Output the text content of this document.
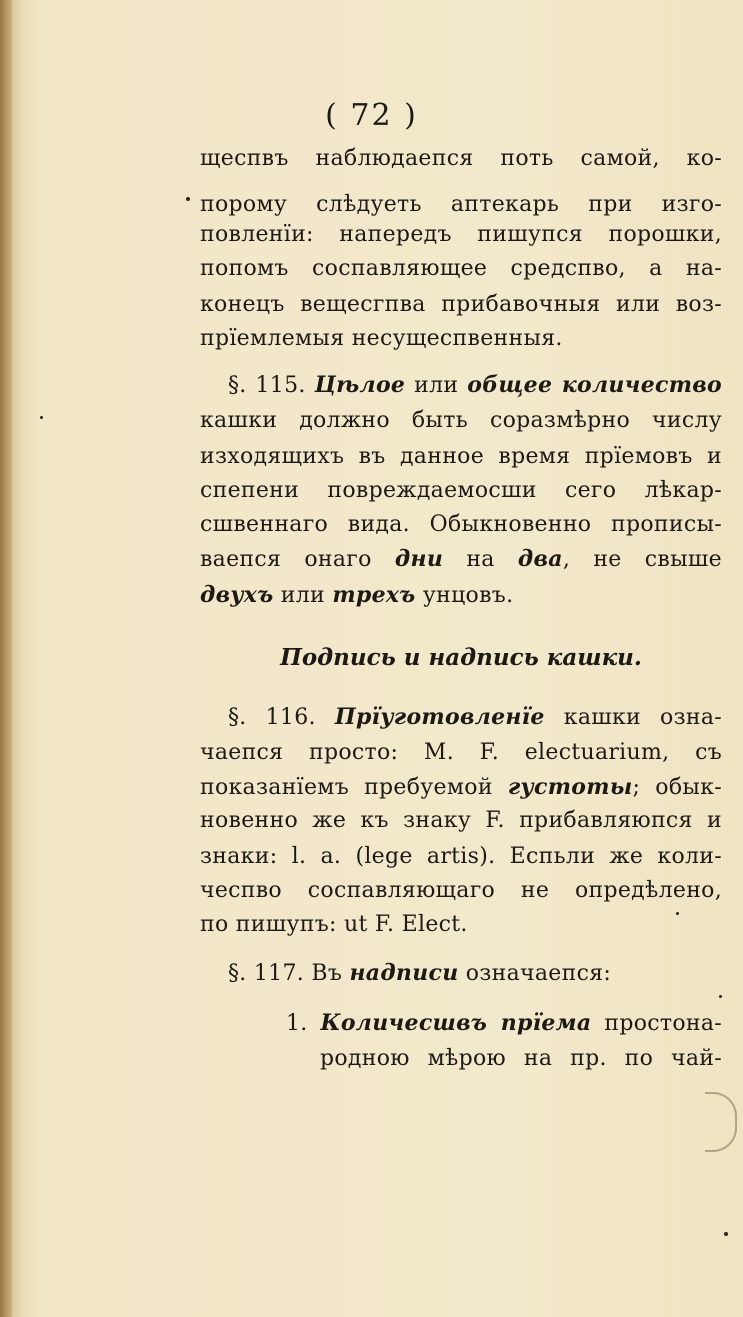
( 72 )
щеспвъ наблюдаепся поть самой, ко-
порому слѣдуеть аптекарь при изго-
повленїи: напередъ пишупся порошки,
попомъ соспавляющее средспво, а на-
конецъ вещесгпва прибавочныя или воз-
прїемлемыя несущеспвенныя.
§. 115. Цѣлое или общее количество
кашки должно быть соразмѣрно числу
изходящихъ въ данное время прїемовъ и
спепени повреждаемосши сего лѣкар-
сшвеннаго вида. Обыкновенно прописы-
ваепся онаго дни на два, не свыше
двухъ или трехъ унцовъ.
Подпись и надпись кашки.
§. 116. Прїуготовленїе кашки озна-
чаепся просто: M. F. electuarium, съ
показанїемъ пребуемой густоты; обык-
новенно же къ знаку F. прибавляюпся и
знаки: l. a. (lege artis). Еспьли же коли-
чеспво соспавляющаго не опредѣлено,
по пишупъ: ut F. Elect.
§. 117. Въ надписи означаепся:
1. Количесшвъ прїема простона-
родною мѣрою на пр. по чай-
